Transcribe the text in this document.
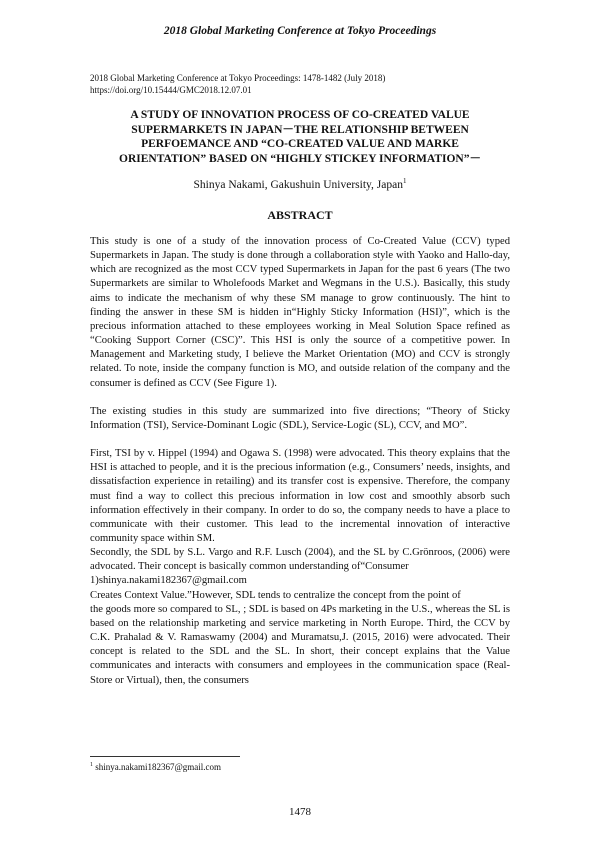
2018 Global Marketing Conference at Tokyo Proceedings
2018 Global Marketing Conference at Tokyo Proceedings: 1478-1482 (July 2018)
https://doi.org/10.15444/GMC2018.12.07.01
A STUDY OF INNOVATION PROCESS OF CO-CREATED VALUE
SUPERMARKETS IN JAPAN－THE RELATIONSHIP BETWEEN
PERFOEMANCE AND “CO-CREATED VALUE AND MARKE
ORIENTATION” BASED ON “HIGHLY STICKEY INFORMATION”－
Shinya Nakami, Gakushuin University, Japan$^1$
ABSTRACT

This study is one of a study of the innovation process of Co-Created Value (CCV) typed Supermarkets in Japan. The study is done through a collaboration style with Yaoko and Hallo-day, which are recognized as the most CCV typed Supermarkets in Japan for the past 6 years (The two Supermarkets are similar to Wholefoods Market and Wegmans in the U.S.). Basically, this study aims to indicate the mechanism of why these SM manage to grow continuously. The hint to finding the answer in these SM is hidden in“Highly Sticky Information (HSI)”, which is the precious information attached to these employees working in Meal Solution Space refined as “Cooking Support Corner (CSC)”. This HSI is only the source of a competitive power. In Management and Marketing study, I believe the Market Orientation (MO) and CCV is strongly related. To note, inside the company function is MO, and outside relation of the company and the consumer is defined as CCV (See Figure 1).

The existing studies in this study are summarized into five directions; “Theory of Sticky Information (TSI), Service-Dominant Logic (SDL), Service-Logic (SL), CCV, and MO”.

First, TSI by v. Hippel (1994) and Ogawa S. (1998) were advocated. This theory explains that the HSI is attached to people, and it is the precious information (e.g., Consumers’ needs, insights, and dissatisfaction experience in retailing) and its transfer cost is expensive. Therefore, the company must find a way to collect this precious information in low cost and smoothly absorb such information effectively in their company. In order to do so, the company needs to have a place to communicate with their customer. This lead to the incremental innovation of interactive community space within SM.

Secondly, the SDL by S.L. Vargo and R.F. Lusch (2004), and the SL by C.Grönroos, (2006) were advocated. Their concept is basically common understanding of“Consumer

1)shinya.nakami182367@gmail.com

Creates Context Value.”However, SDL tends to centralize the concept from the point of

the goods more so compared to SL, ; SDL is based on 4Ps marketing in the U.S., whereas the SL is based on the relationship marketing and service marketing in North Europe. Third, the CCV by C.K. Prahalad & V. Ramaswamy (2004) and Muramatsu,J. (2015, 2016) were advocated. Their concept is related to the SDL and the SL. In short, their concept explains that the Value communicates and interacts with consumers and employees in the communication space (Real-Store or Virtual), then, the consumers

$^1$ shinya.nakami182367@gmail.com
1478
